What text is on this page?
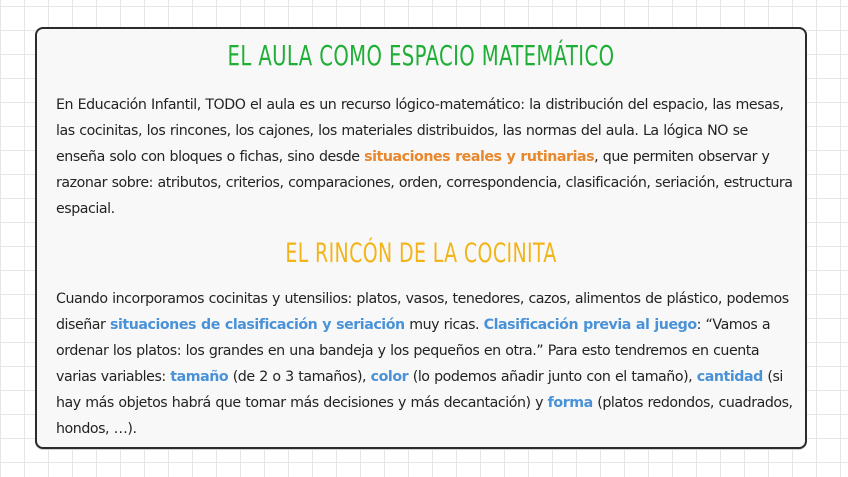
EL AULA COMO ESPACIO MATEMÁTICO

En Educación Infantil, TODO el aula es un recurso lógico-matemático: la distribución del espacio, las mesas, las cocinitas, los rincones, los cajones, los materiales distribuidos, las normas del aula. La lógica NO se enseña solo con bloques o fichas, sino desde situaciones reales y rutinarias, que permiten observar y razonar sobre: atributos, criterios, comparaciones, orden, correspondencia, clasificación, seriación, estructura espacial.

EL RINCÓN DE LA COCINITA

Cuando incorporamos cocinitas y utensilios: platos, vasos, tenedores, cazos, alimentos de plástico, podemos diseñar situaciones de clasificación y seriación muy ricas. Clasificación previa al juego: “Vamos a ordenar los platos: los grandes en una bandeja y los pequeños en otra.” Para esto tendremos en cuenta varias variables: tamaño (de 2 o 3 tamaños), color (lo podemos añadir junto con el tamaño), cantidad (si hay más objetos habrá que tomar más decisiones y más decantación) y forma (platos redondos, cuadrados, hondos, …).
